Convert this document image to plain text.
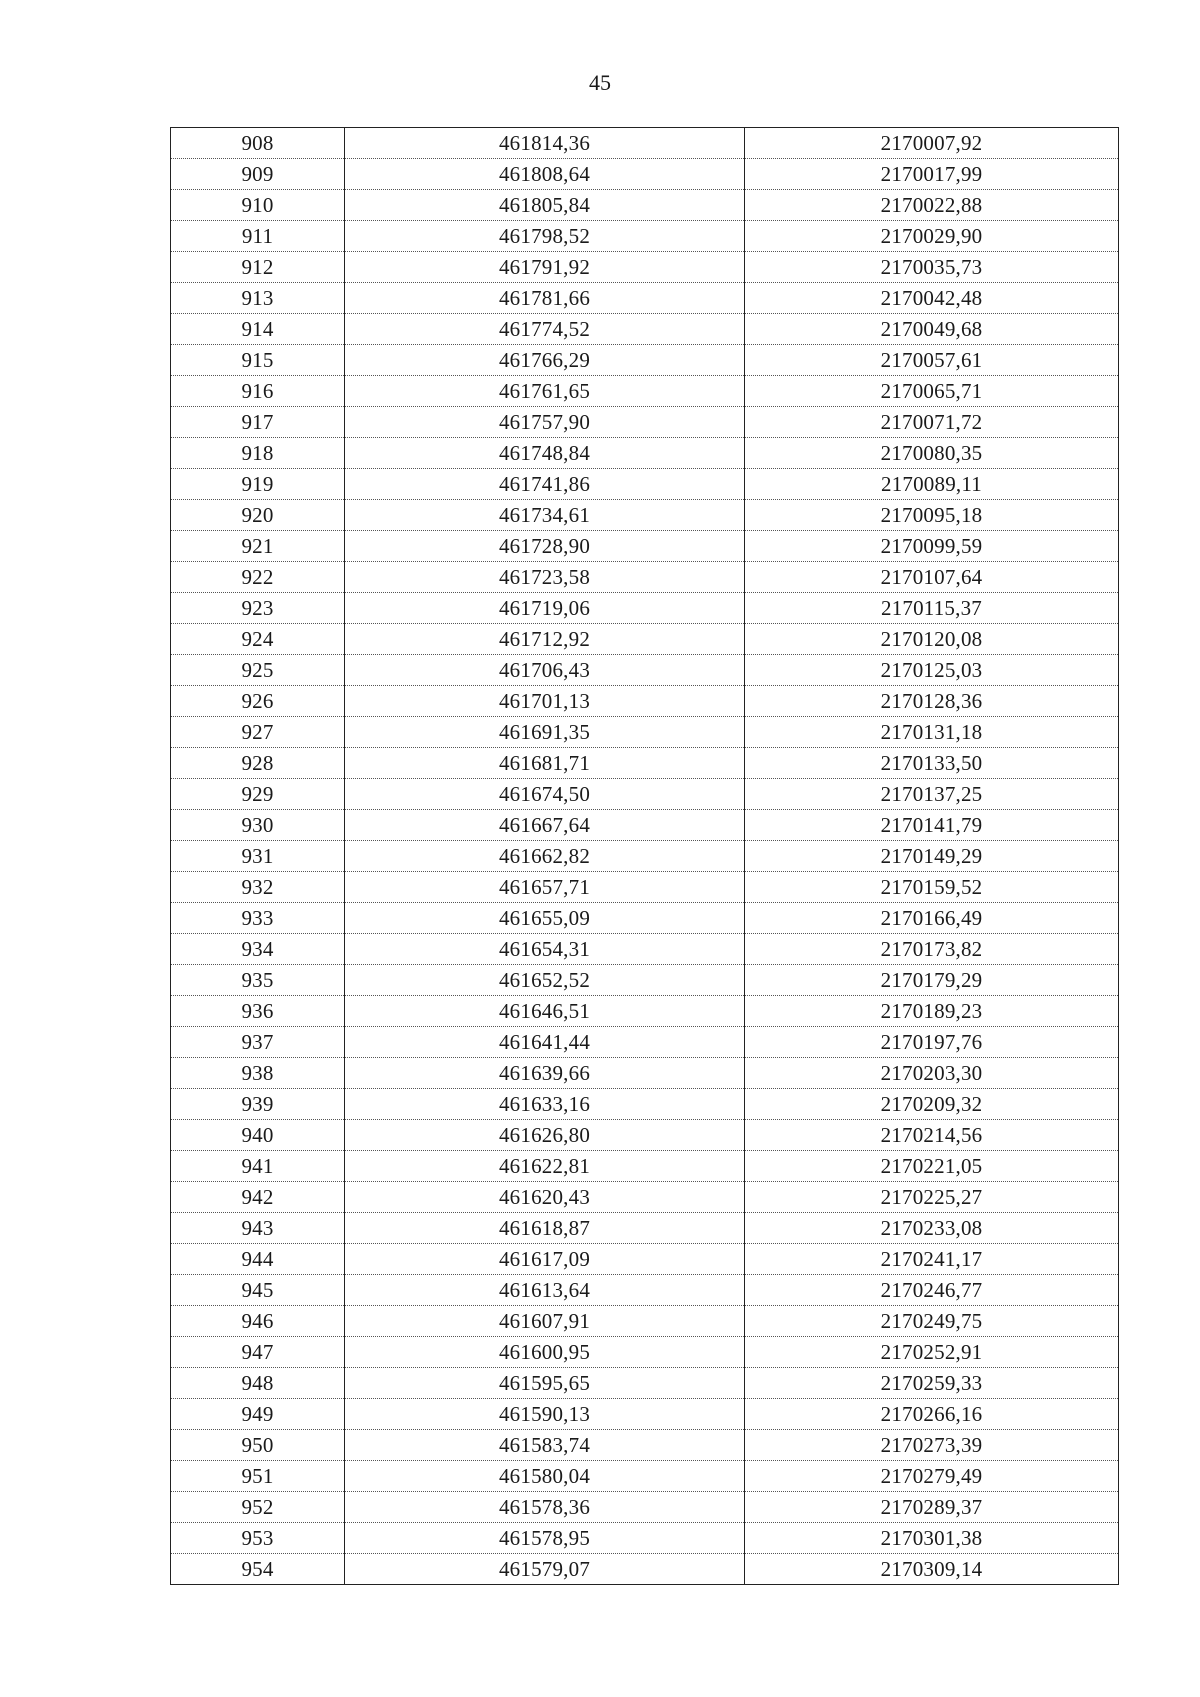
45
908	461814,36	2170007,92
909	461808,64	2170017,99
910	461805,84	2170022,88
911	461798,52	2170029,90
912	461791,92	2170035,73
913	461781,66	2170042,48
914	461774,52	2170049,68
915	461766,29	2170057,61
916	461761,65	2170065,71
917	461757,90	2170071,72
918	461748,84	2170080,35
919	461741,86	2170089,11
920	461734,61	2170095,18
921	461728,90	2170099,59
922	461723,58	2170107,64
923	461719,06	2170115,37
924	461712,92	2170120,08
925	461706,43	2170125,03
926	461701,13	2170128,36
927	461691,35	2170131,18
928	461681,71	2170133,50
929	461674,50	2170137,25
930	461667,64	2170141,79
931	461662,82	2170149,29
932	461657,71	2170159,52
933	461655,09	2170166,49
934	461654,31	2170173,82
935	461652,52	2170179,29
936	461646,51	2170189,23
937	461641,44	2170197,76
938	461639,66	2170203,30
939	461633,16	2170209,32
940	461626,80	2170214,56
941	461622,81	2170221,05
942	461620,43	2170225,27
943	461618,87	2170233,08
944	461617,09	2170241,17
945	461613,64	2170246,77
946	461607,91	2170249,75
947	461600,95	2170252,91
948	461595,65	2170259,33
949	461590,13	2170266,16
950	461583,74	2170273,39
951	461580,04	2170279,49
952	461578,36	2170289,37
953	461578,95	2170301,38
954	461579,07	2170309,14
